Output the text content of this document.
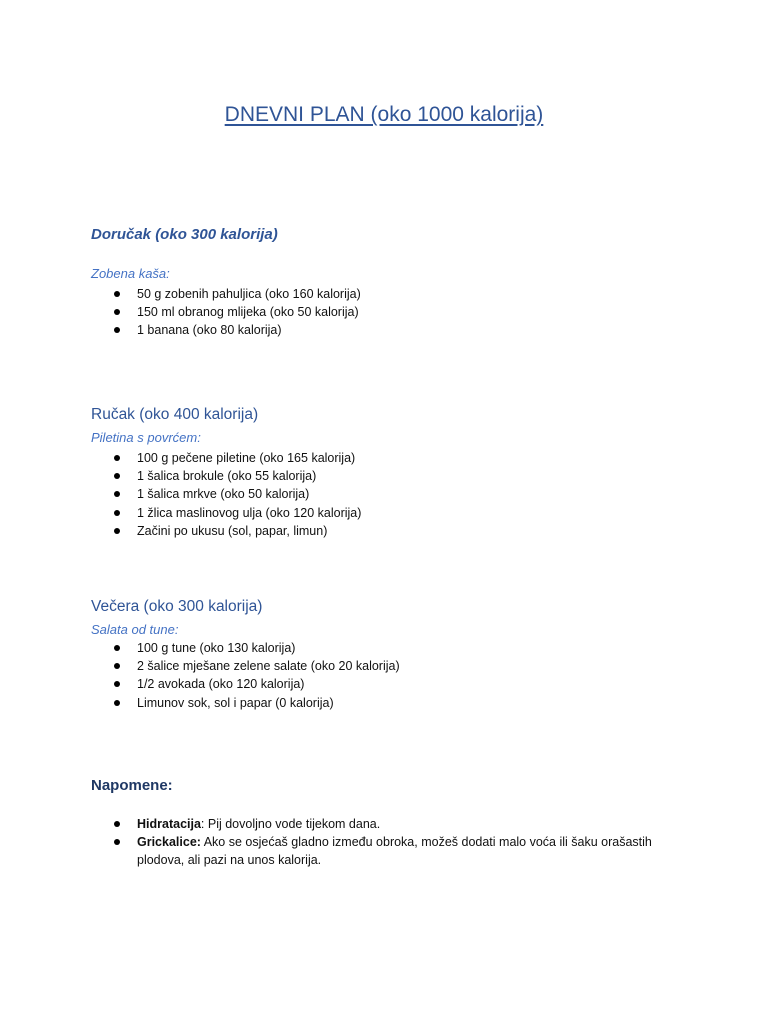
DNEVNI PLAN (oko 1000 kalorija)
Doručak (oko 300 kalorija)

Zobena kaša:

50 g zobenih pahuljica (oko 160 kalorija)
150 ml obranog mlijeka (oko 50 kalorija)
1 banana (oko 80 kalorija)
Ručak (oko 400 kalorija)

Piletina s povrćem:

100 g pečene piletine (oko 165 kalorija)
1 šalica brokule (oko 55 kalorija)
1 šalica mrkve (oko 50 kalorija)
1 žlica maslinovog ulja (oko 120 kalorija)
Začini po ukusu (sol, papar, limun)
Večera (oko 300 kalorija)

Salata od tune:

100 g tune (oko 130 kalorija)
2 šalice mješane zelene salate (oko 20 kalorija)
1/2 avokada (oko 120 kalorija)
Limunov sok, sol i papar (0 kalorija)
Napomene:
Hidratacija: Pij dovoljno vode tijekom dana.
Grickalice: Ako se osjećaš gladno između obroka, možeš dodati malo voća ili šaku orašastih plodova, ali pazi na unos kalorija.
